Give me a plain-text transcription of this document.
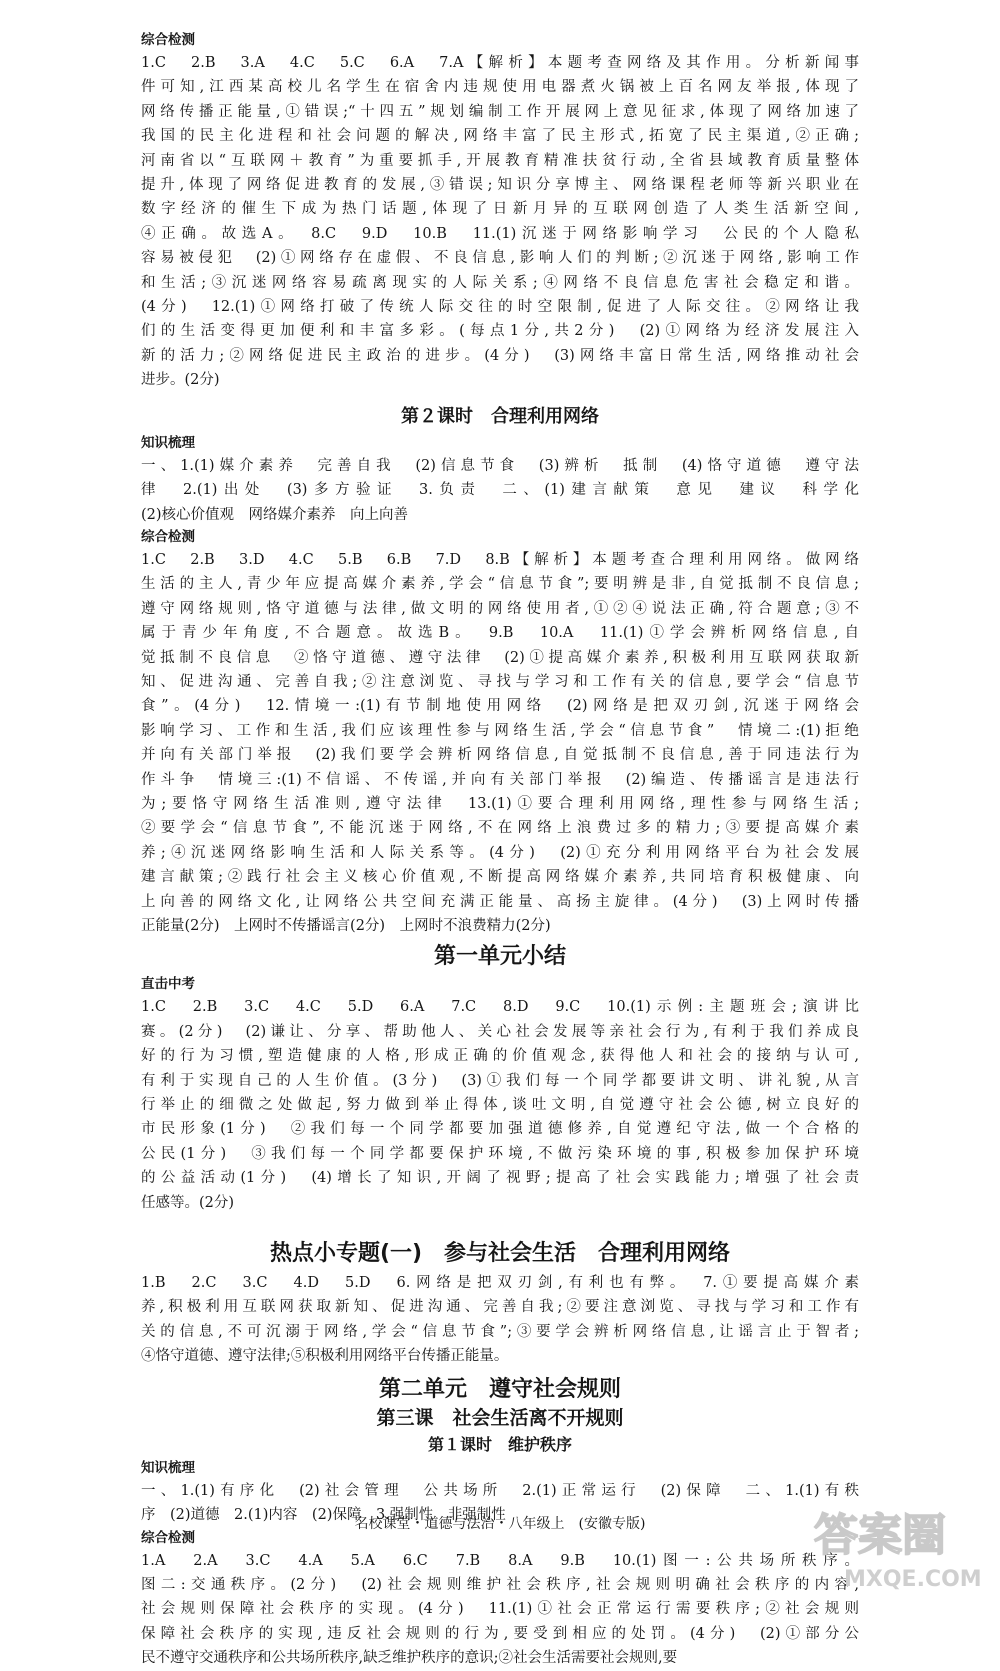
综合检测
1.C　2.B　3.A　4.C　5.C　6.A　7.A【解析】本题考查网络及其作用。分析新闻事
件可知,江西某高校儿名学生在宿舍内违规使用电器煮火锅被上百名网友举报,体现了
网络传播正能量,①错误;“十四五”规划编制工作开展网上意见征求,体现了网络加速了
我国的民主化进程和社会问题的解决,网络丰富了民主形式,拓宽了民主渠道,②正确;
河南省以“互联网＋教育”为重要抓手,开展教育精准扶贫行动,全省县域教育质量整体
提升,体现了网络促进教育的发展,③错误;知识分享博主、网络课程老师等新兴职业在
数字经济的催生下成为热门话题,体现了日新月异的互联网创造了人类生活新空间,
④正确。故选A。　8.C　9.D　10.B　11.(1)沉迷于网络影响学习　公民的个人隐私
容易被侵犯　(2)①网络存在虚假、不良信息,影响人们的判断;②沉迷于网络,影响工作
和生活;③沉迷网络容易疏离现实的人际关系;④网络不良信息危害社会稳定和谐。
(4分)　12.(1)①网络打破了传统人际交往的时空限制,促进了人际交往。②网络让我
们的生活变得更加便利和丰富多彩。(每点1分,共2分)　(2)①网络为经济发展注入
新的活力;②网络促进民主政治的进步。(4分)　(3)网络丰富日常生活,网络推动社会
进步。(2分)
第２课时　合理利用网络
知识梳理
一、1.(1)媒介素养　完善自我　(2)信息节食　(3)辨析　抵制　(4)恪守道德　遵守法
律　2.(1)出处　(3)多方验证　3.负责　二、(1)建言献策　意见　建议　科学化
(2)核心价值观　网络媒介素养　向上向善
综合检测
1.C　2.B　3.D　4.C　5.B　6.B　7.D　8.B【解析】本题考查合理利用网络。做网络
生活的主人,青少年应提高媒介素养,学会“信息节食”;要明辨是非,自觉抵制不良信息;
遵守网络规则,恪守道德与法律,做文明的网络使用者,①②④说法正确,符合题意;③不
属于青少年角度,不合题意。故选B。　9.B　10.A　11.(1)①学会辨析网络信息,自
觉抵制不良信息　②恪守道德、遵守法律　(2)①提高媒介素养,积极利用互联网获取新
知、促进沟通、完善自我;②注意浏览、寻找与学习和工作有关的信息,要学会“信息节
食”。(4分)　12.情境一:(1)有节制地使用网络　(2)网络是把双刃剑,沉迷于网络会
影响学习、工作和生活,我们应该理性参与网络生活,学会“信息节食”　情境二:(1)拒绝
并向有关部门举报　(2)我们要学会辨析网络信息,自觉抵制不良信息,善于同违法行为
作斗争　情境三:(1)不信谣、不传谣,并向有关部门举报　(2)编造、传播谣言是违法行
为;要恪守网络生活准则,遵守法律　13.(1)①要合理利用网络,理性参与网络生活;
②要学会“信息节食”,不能沉迷于网络,不在网络上浪费过多的精力;③要提高媒介素
养;④沉迷网络影响生活和人际关系等。(4分)　(2)①充分利用网络平台为社会发展
建言献策;②践行社会主义核心价值观,不断提高网络媒介素养,共同培育积极健康、向
上向善的网络文化,让网络公共空间充满正能量、高扬主旋律。(4分)　(3)上网时传播
正能量(2分)　上网时不传播谣言(2分)　上网时不浪费精力(2分)
第一单元小结
直击中考
1.C　2.B　3.C　4.C　5.D　6.A　7.C　8.D　9.C　10.(1)示例:主题班会;演讲比
赛。(2分)　(2)谦让、分享、帮助他人、关心社会发展等亲社会行为,有利于我们养成良
好的行为习惯,塑造健康的人格,形成正确的价值观念,获得他人和社会的接纳与认可,
有利于实现自己的人生价值。(3分)　(3)①我们每一个同学都要讲文明、讲礼貌,从言
行举止的细微之处做起,努力做到举止得体,谈吐文明,自觉遵守社会公德,树立良好的
市民形象(1分)　②我们每一个同学都要加强道德修养,自觉遵纪守法,做一个合格的
公民(1分)　③我们每一个同学都要保护环境,不做污染环境的事,积极参加保护环境
的公益活动(1分)　(4)增长了知识,开阔了视野;提高了社会实践能力;增强了社会责
任感等。(2分)
热点小专题(一)　参与社会生活　合理利用网络
1.B　2.C　3.C　4.D　5.D　6.网络是把双刃剑,有利也有弊。　7.①要提高媒介素
养,积极利用互联网获取新知、促进沟通、完善自我;②要注意浏览、寻找与学习和工作有
关的信息,不可沉溺于网络,学会“信息节食”;③要学会辨析网络信息,让谣言止于智者;
④恪守道德、遵守法律;⑤积极利用网络平台传播正能量。
第二单元　遵守社会规则
第三课　社会生活离不开规则
第１课时　维护秩序
知识梳理
一、1.(1)有序化　(2)社会管理　公共场所　2.(1)正常运行　(2)保障　二、1.(1)有秩
序　(2)道德　2.(1)内容　(2)保障　3.强制性　非强制性
综合检测
1.A　2.A　3.C　4.A　5.A　6.C　7.B　8.A　9.B　10.(1)图一:公共场所秩序。
图二:交通秩序。(2分)　(2)社会规则维护社会秩序,社会规则明确社会秩序的内容,
社会规则保障社会秩序的实现。(4分)　11.(1)①社会正常运行需要秩序;②社会规则
保障社会秩序的实现,违反社会规则的行为,要受到相应的处罚。(4分)　(2)①部分公
民不遵守交通秩序和公共场所秩序,缺乏维护秩序的意识;②社会生活需要社会规则,要
名校课堂・道德与法治・八年级上　(安徽专版)	答案圈
MXQE.COM
